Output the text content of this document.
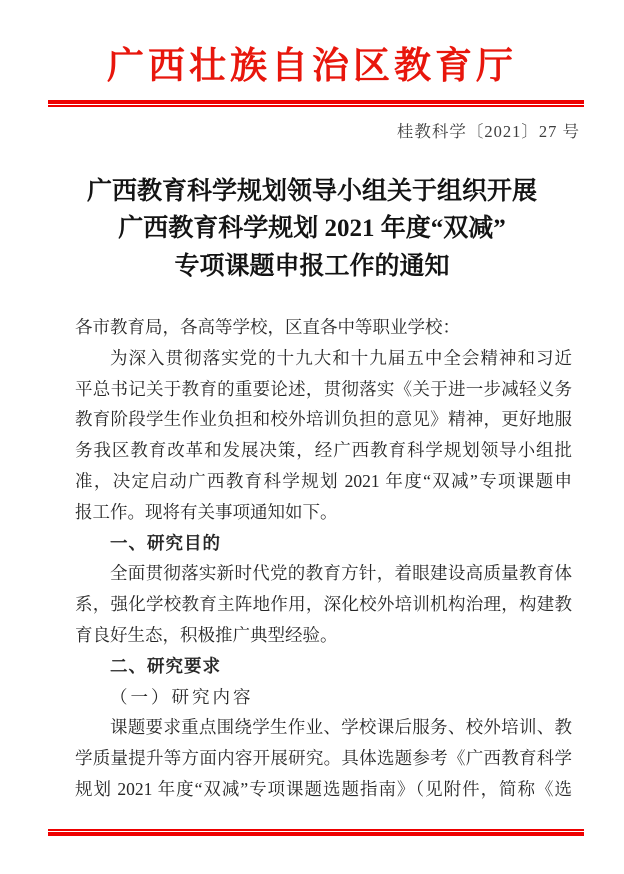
广西壮族自治区教育厅
桂教科学〔2021〕27 号
广西教育科学规划领导小组关于组织开展
广西教育科学规划 2021 年度“双减”
专项课题申报工作的通知
各市教育局，各高等学校，区直各中等职业学校：
为深入贯彻落实党的十九大和十九届五中全会精神和习近
平总书记关于教育的重要论述，贯彻落实《关于进一步减轻义务
教育阶段学生作业负担和校外培训负担的意见》精神，更好地服
务我区教育改革和发展决策，经广西教育科学规划领导小组批
准，决定启动广西教育科学规划 2021 年度“双减”专项课题申
报工作。现将有关事项通知如下。
一、研究目的
全面贯彻落实新时代党的教育方针，着眼建设高质量教育体
系，强化学校教育主阵地作用，深化校外培训机构治理，构建教
育良好生态，积极推广典型经验。
二、研究要求
（一）研究内容
课题要求重点围绕学生作业、学校课后服务、校外培训、教
学质量提升等方面内容开展研究。具体选题参考《广西教育科学
规划 2021 年度“双减”专项课题选题指南》（见附件，简称《选
